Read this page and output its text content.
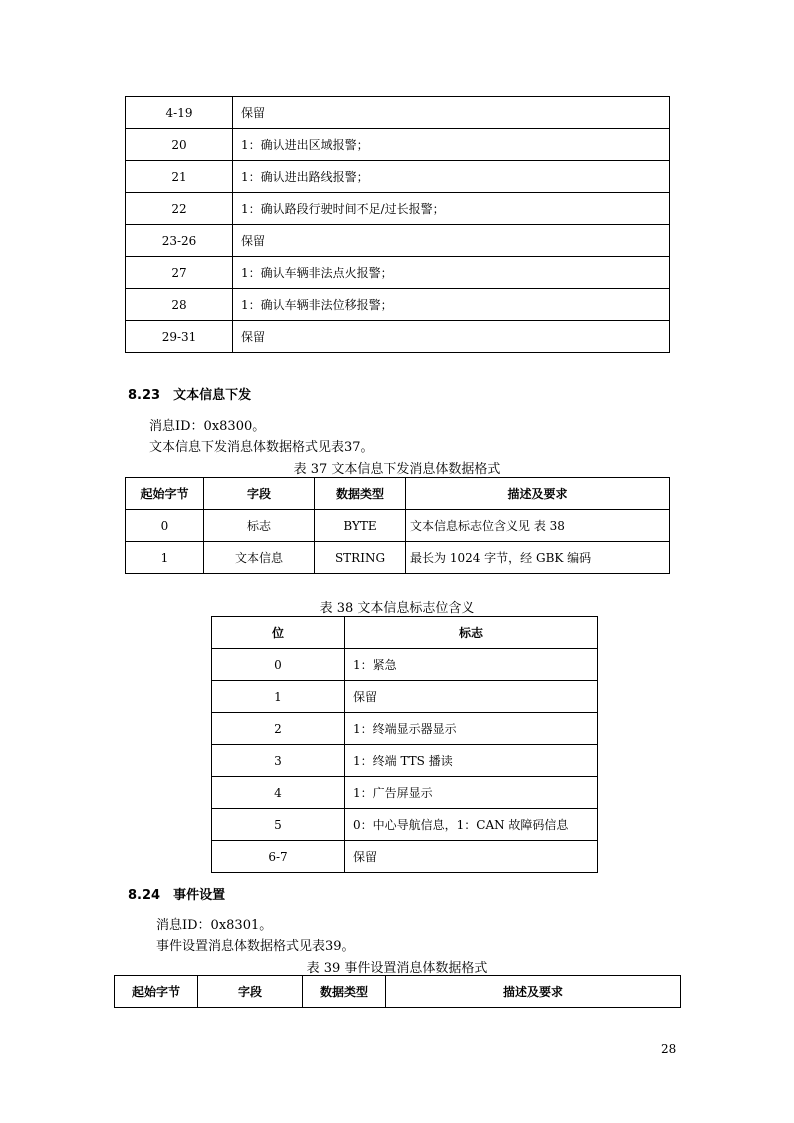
4-19	保留
20	1：确认进出区域报警；
21	1：确认进出路线报警；
22	1：确认路段行驶时间不足/过长报警；
23-26	保留
27	1：确认车辆非法点火报警；
28	1：确认车辆非法位移报警；
29-31	保留
8.23　文本信息下发
消息ID：0x8300。
文本信息下发消息体数据格式见表37。
表 37 文本信息下发消息体数据格式
起始字节	字段	数据类型	描述及要求
0	标志	BYTE	文本信息标志位含义见 表 38
1	文本信息	STRING	最长为 1024 字节，经 GBK 编码
表 38 文本信息标志位含义
位	标志
0	1：紧急
1	保留
2	1：终端显示器显示
3	1：终端 TTS 播读
4	1：广告屏显示
5	0：中心导航信息，1：CAN 故障码信息
6-7	保留
8.24　事件设置
消息ID：0x8301。
事件设置消息体数据格式见表39。
表 39 事件设置消息体数据格式
起始字节	字段	数据类型	描述及要求
28
